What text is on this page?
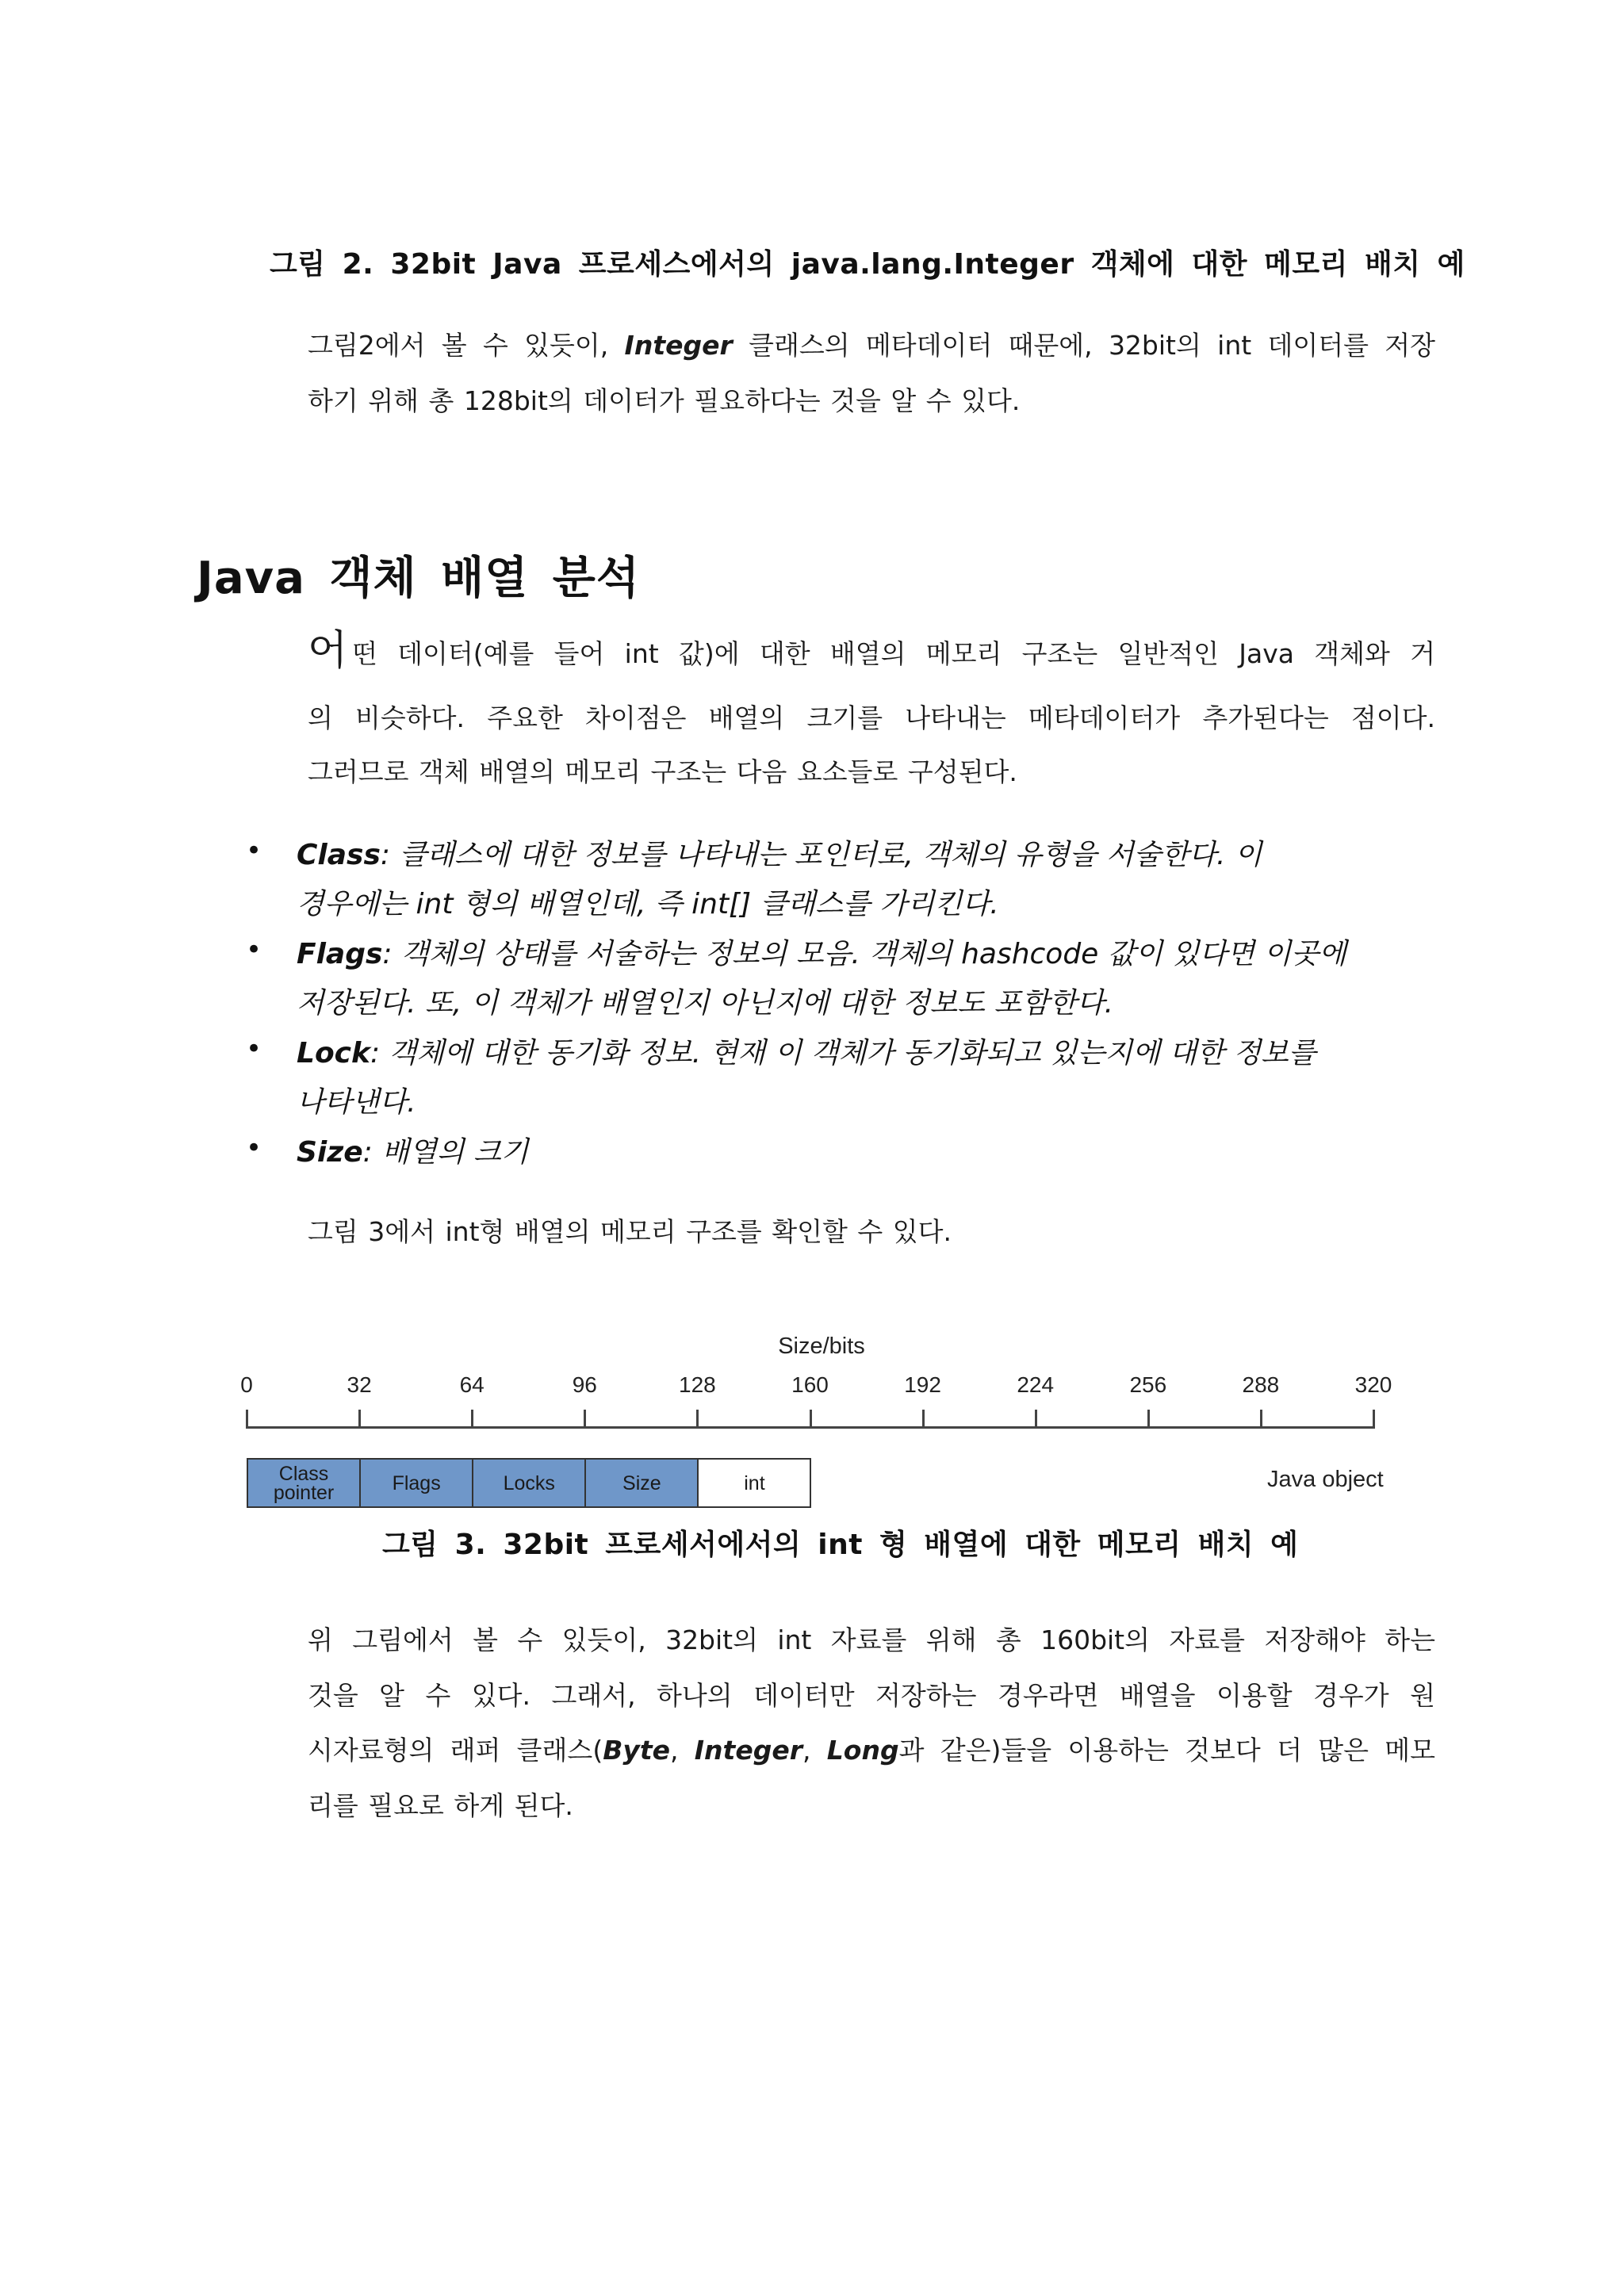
그림 2. 32bit Java 프로세스에서의 java.lang.Integer 객체에 대한 메모리 배치 예
그림2에서 볼 수 있듯이, Integer 클래스의 메타데이터 때문에, 32bit의 int 데이터를 저장
하기 위해 총 128bit의 데이터가 필요하다는 것을 알 수 있다.
Java 객체 배열 분석
어 떤 데이터(예를 들어 int 값)에 대한 배열의 메모리 구조는 일반적인 Java 객체와 거
의 비슷하다. 주요한 차이점은 배열의 크기를 나타내는 메타데이터가 추가된다는 점이다.
그러므로 객체 배열의 메모리 구조는 다음 요소들로 구성된다.
• Class: 클래스에 대한 정보를 나타내는 포인터로, 객체의 유형을 서술한다. 이
경우에는 int 형의 배열인데, 즉 int[] 클래스를 가리킨다.
• Flags: 객체의 상태를 서술하는 정보의 모음. 객체의 hashcode 값이 있다면 이곳에
저장된다. 또, 이 객체가 배열인지 아닌지에 대한 정보도 포함한다.
• Lock: 객체에 대한 동기화 정보. 현재 이 객체가 동기화되고 있는지에 대한 정보를
나타낸다.
• Size: 배열의 크기
그림 3에서 int형 배열의 메모리 구조를 확인할 수 있다.
Size/bits
0	32	64	96	128	160	192	224	256	288	320
Class
pointer	Flags	Locks	Size	int	Java object
그림 3. 32bit 프로세서에서의 int 형 배열에 대한 메모리 배치 예
위 그림에서 볼 수 있듯이, 32bit의 int 자료를 위해 총 160bit의 자료를 저장해야 하는
것을 알 수 있다. 그래서, 하나의 데이터만 저장하는 경우라면 배열을 이용할 경우가 원
시자료형의 래퍼 클래스(Byte, Integer, Long과 같은)들을 이용하는 것보다 더 많은 메모
리를 필요로 하게 된다.
